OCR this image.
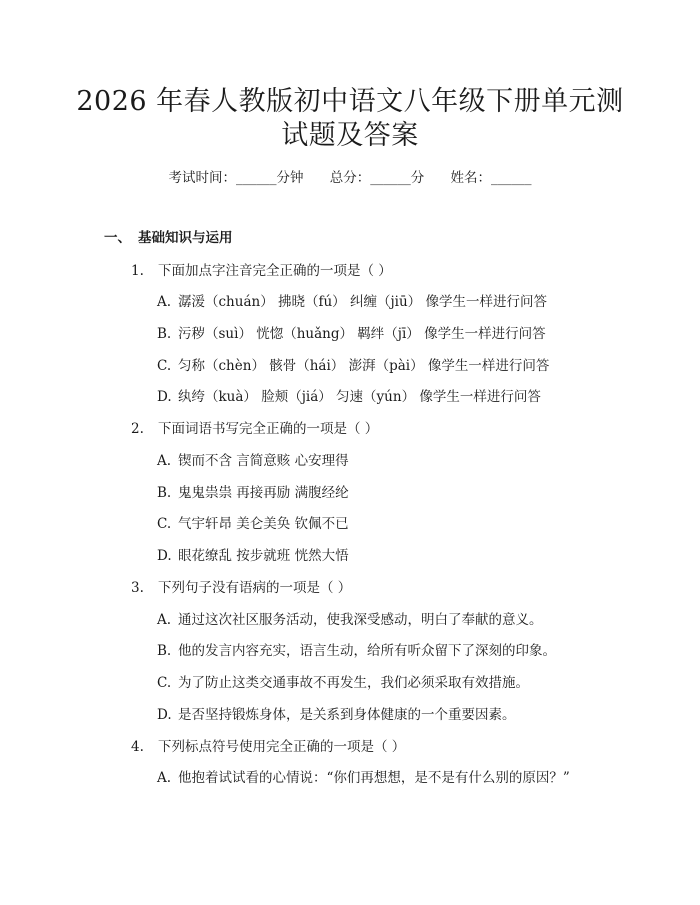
2026 年春人教版初中语文八年级下册单元测
试题及答案
考试时间：______分钟 总分：______分 姓名：______
一、 基础知识与运用
1. 下面加点字注音完全正确的一项是（ ）
A. 潺湲（chuán） 拂晓（fú） 纠缠（jiū） 像学生一样进行问答
B. 污秽（suì） 恍惚（huǎng） 羁绊（jī） 像学生一样进行问答
C. 匀称（chèn） 骸骨（hái） 澎湃（pài） 像学生一样进行问答
D. 纨绔（kuà） 脸颊（jiá） 匀速（yún） 像学生一样进行问答
2. 下面词语书写完全正确的一项是（ ）
A. 锲而不含 言简意赅 心安理得
B. 鬼鬼祟祟 再接再励 满腹经纶
C. 气宇轩昂 美仑美奂 钦佩不已
D. 眼花缭乱 按步就班 恍然大悟
3. 下列句子没有语病的一项是（ ）
A. 通过这次社区服务活动，使我深受感动，明白了奉献的意义。
B. 他的发言内容充实，语言生动，给所有听众留下了深刻的印象。
C. 为了防止这类交通事故不再发生，我们必须采取有效措施。
D. 是否坚持锻炼身体，是关系到身体健康的一个重要因素。
4. 下列标点符号使用完全正确的一项是（ ）
A. 他抱着试试看的心情说：“你们再想想，是不是有什么别的原因？”
